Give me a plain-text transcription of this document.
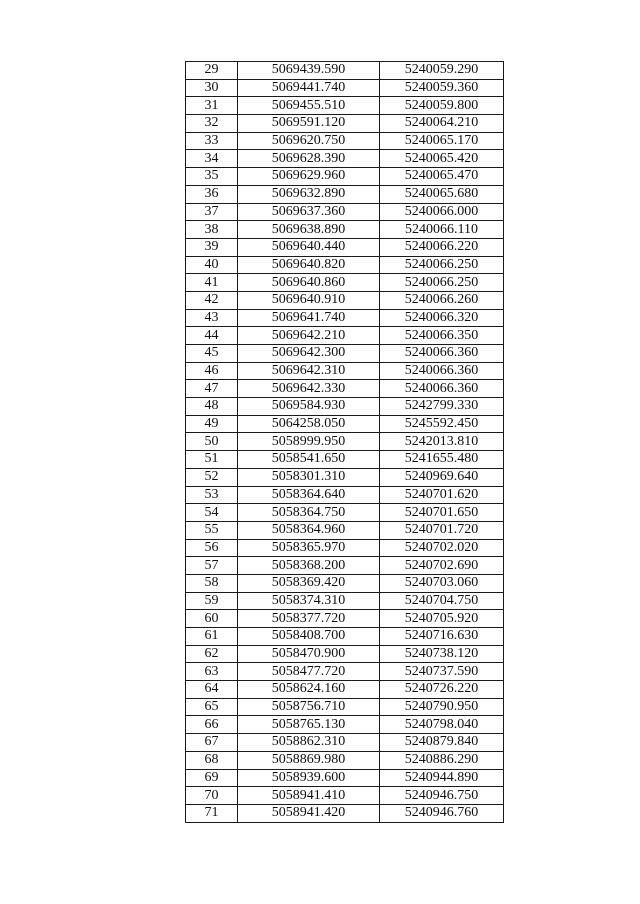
29	5069439.590	5240059.290
30	5069441.740	5240059.360
31	5069455.510	5240059.800
32	5069591.120	5240064.210
33	5069620.750	5240065.170
34	5069628.390	5240065.420
35	5069629.960	5240065.470
36	5069632.890	5240065.680
37	5069637.360	5240066.000
38	5069638.890	5240066.110
39	5069640.440	5240066.220
40	5069640.820	5240066.250
41	5069640.860	5240066.250
42	5069640.910	5240066.260
43	5069641.740	5240066.320
44	5069642.210	5240066.350
45	5069642.300	5240066.360
46	5069642.310	5240066.360
47	5069642.330	5240066.360
48	5069584.930	5242799.330
49	5064258.050	5245592.450
50	5058999.950	5242013.810
51	5058541.650	5241655.480
52	5058301.310	5240969.640
53	5058364.640	5240701.620
54	5058364.750	5240701.650
55	5058364.960	5240701.720
56	5058365.970	5240702.020
57	5058368.200	5240702.690
58	5058369.420	5240703.060
59	5058374.310	5240704.750
60	5058377.720	5240705.920
61	5058408.700	5240716.630
62	5058470.900	5240738.120
63	5058477.720	5240737.590
64	5058624.160	5240726.220
65	5058756.710	5240790.950
66	5058765.130	5240798.040
67	5058862.310	5240879.840
68	5058869.980	5240886.290
69	5058939.600	5240944.890
70	5058941.410	5240946.750
71	5058941.420	5240946.760
